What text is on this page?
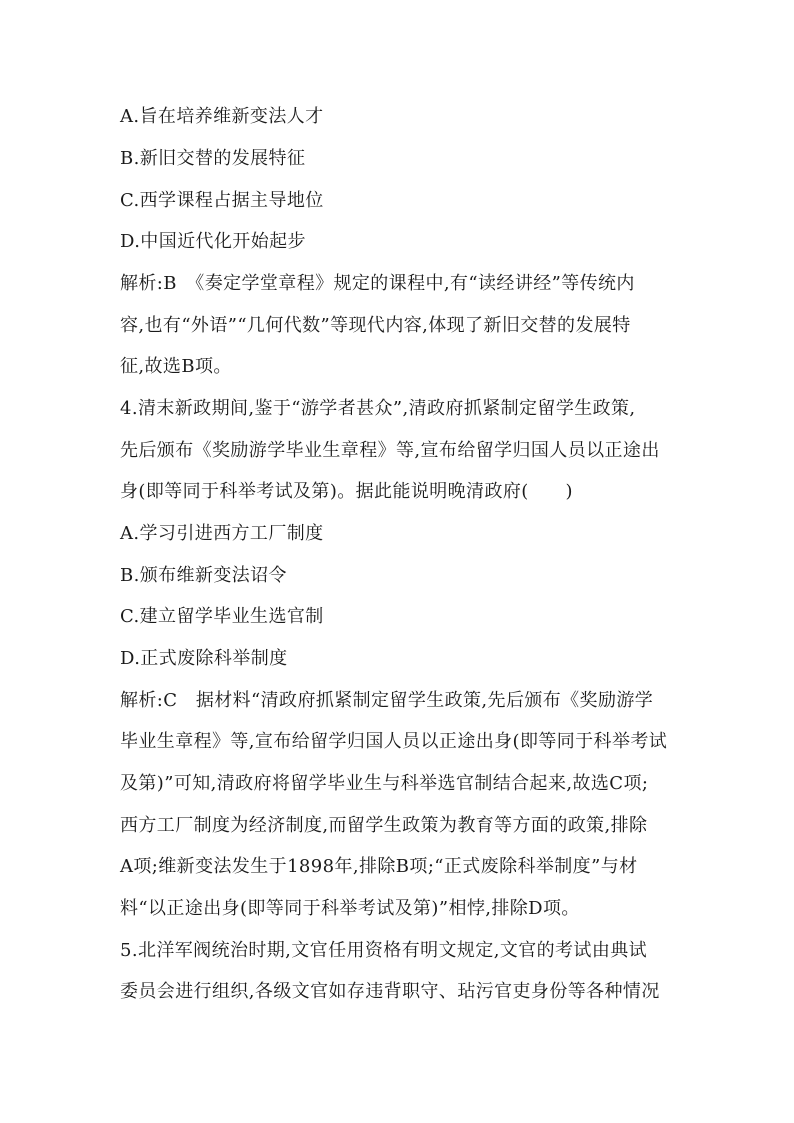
A.旨在培养维新变法人才
B.新旧交替的发展特征
C.西学课程占据主导地位
D.中国近代化开始起步
解析:B　《奏定学堂章程》规定的课程中,有“读经讲经”等传统内
容,也有“外语”“几何代数”等现代内容,体现了新旧交替的发展特
征,故选B项。
4.清末新政期间,鉴于“游学者甚众”,清政府抓紧制定留学生政策,
先后颁布《奖励游学毕业生章程》等,宣布给留学归国人员以正途出
身(即等同于科举考试及第)。据此能说明晚清政府(　　)
A.学习引进西方工厂制度
B.颁布维新变法诏令
C.建立留学毕业生选官制
D.正式废除科举制度
解析:C　据材料“清政府抓紧制定留学生政策,先后颁布《奖励游学
毕业生章程》等,宣布给留学归国人员以正途出身(即等同于科举考试
及第)”可知,清政府将留学毕业生与科举选官制结合起来,故选C项;
西方工厂制度为经济制度,而留学生政策为教育等方面的政策,排除
A项;维新变法发生于1898年,排除B项;“正式废除科举制度”与材
料“以正途出身(即等同于科举考试及第)”相悖,排除D项。
5.北洋军阀统治时期,文官任用资格有明文规定,文官的考试由典试
委员会进行组织,各级文官如存违背职守、玷污官吏身份等各种情况
